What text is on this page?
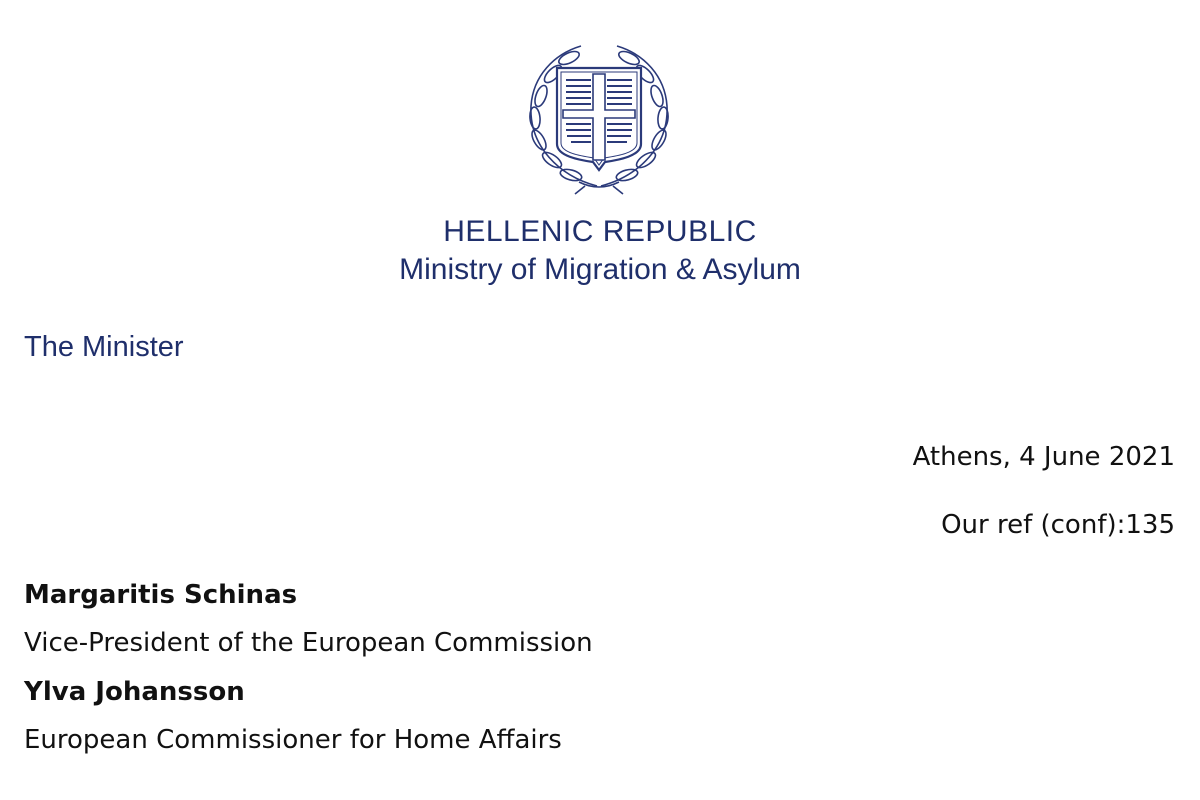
HELLENIC REPUBLIC
Ministry of Migration & Asylum
The Minister
Athens, 4 June 2021
Our ref (conf):135
Margaritis Schinas
Vice-President of the European Commission
Ylva Johansson
European Commissioner for Home Affairs
